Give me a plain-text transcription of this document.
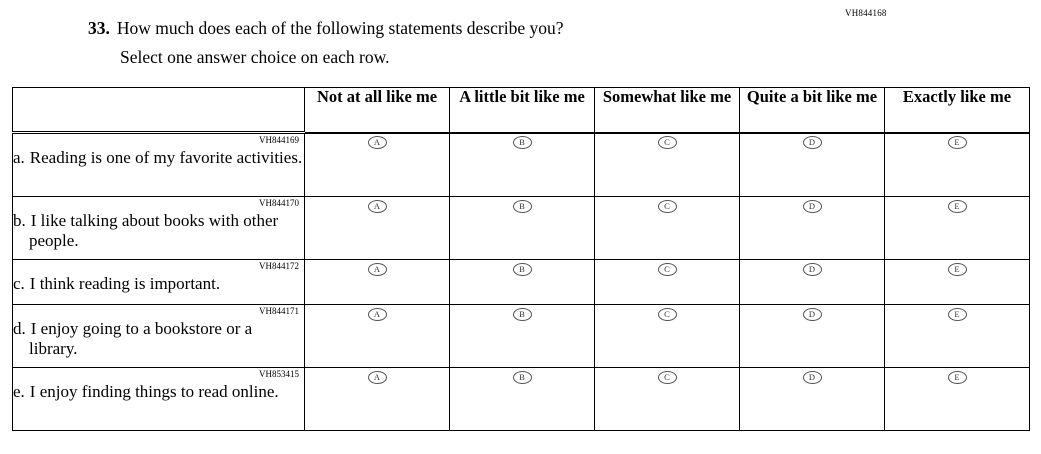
VH844168
33. How much does each of the following statements describe you?
Select one answer choice on each row.
	Not at all like me	A little bit like me	Somewhat like me	Quite a bit like me	Exactly like me

VH844169
a. Reading is one of my favorite activities.	A	B	C	D	E

VH844170
b. I like talking about books with other people.	A	B	C	D	E

VH844172
c. I think reading is important.	A	B	C	D	E

VH844171
d. I enjoy going to a bookstore or a library.	A	B	C	D	E

VH853415
e. I enjoy finding things to read online.	A	B	C	D	E
